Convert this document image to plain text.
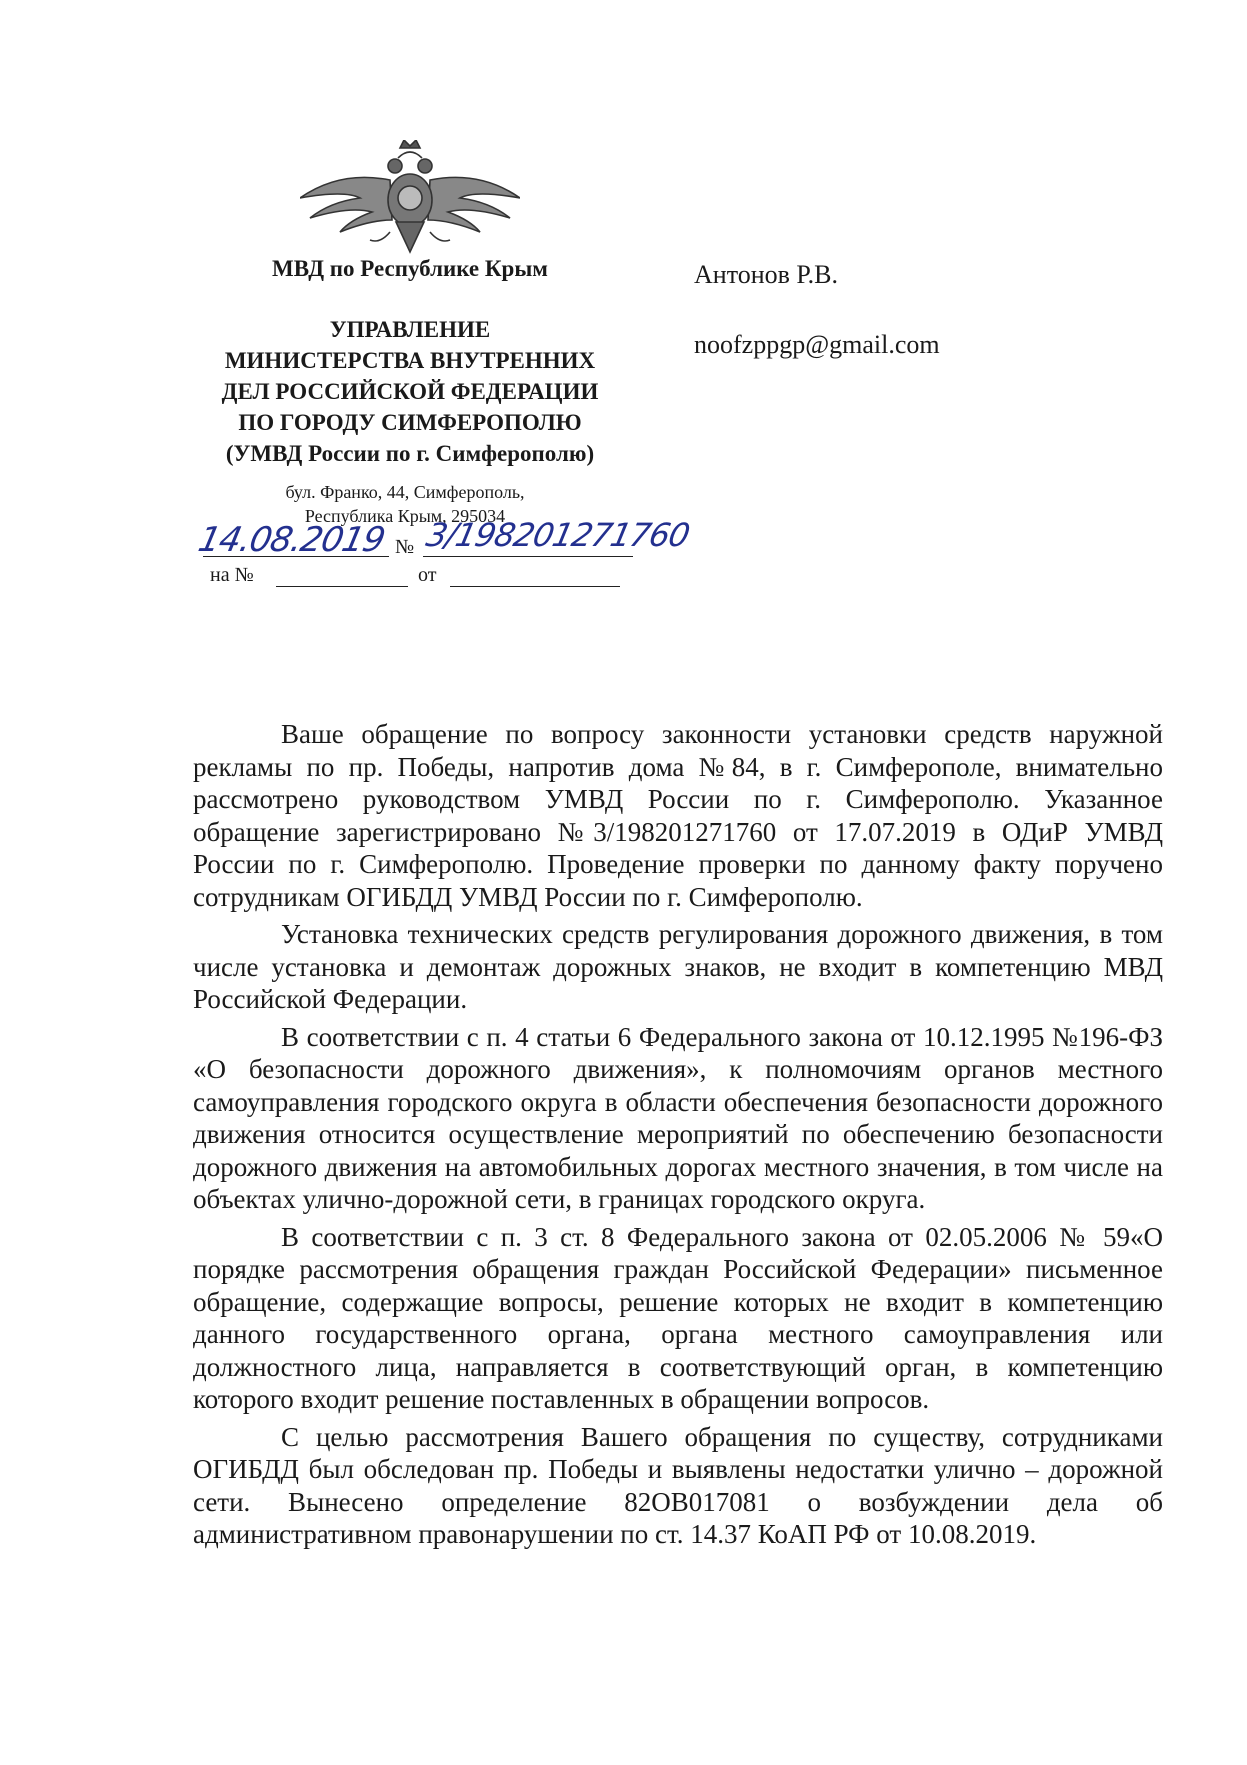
МВД по Республике Крым
УПРАВЛЕНИЕ
МИНИСТЕРСТВА ВНУТРЕННИХ
ДЕЛ РОССИЙСКОЙ ФЕДЕРАЦИИ
ПО ГОРОДУ СИМФЕРОПОЛЮ
(УМВД России по г. Симферополю)
бул. Франко, 44, Симферополь,
Республика Крым, 295034
14.08.2019 № 3/198201271760
на №	от
Антонов Р.В.
noofzppgp@gmail.com

Ваше обращение по вопросу законности установки средств наружной рекламы по пр. Победы, напротив дома №84, в г. Симферополе, внимательно рассмотрено руководством УМВД России по г. Симферополю. Указанное обращение зарегистрировано №3/198201271760 от 17.07.2019 в ОДиР УМВД России по г. Симферополю. Проведение проверки по данному факту поручено сотрудникам ОГИБДД УМВД России по г. Симферополю.

Установка технических средств регулирования дорожного движения, в том числе установка и демонтаж дорожных знаков, не входит в компетенцию МВД Российской Федерации.

В соответствии с п. 4 статьи 6 Федерального закона от 10.12.1995 №196-ФЗ «О безопасности дорожного движения», к полномочиям органов местного самоуправления городского округа в области обеспечения безопасности дорожного движения относится осуществление мероприятий по обеспечению безопасности дорожного движения на автомобильных дорогах местного значения, в том числе на объектах улично-дорожной сети, в границах городского округа.

В соответствии с п. 3 ст. 8 Федерального закона от 02.05.2006 № 59«О порядке рассмотрения обращения граждан Российской Федерации» письменное обращение, содержащие вопросы, решение которых не входит в компетенцию данного государственного органа, органа местного самоуправления или должностного лица, направляется в соответствующий орган, в компетенцию которого входит решение поставленных в обращении вопросов.

С целью рассмотрения Вашего обращения по существу, сотрудниками ОГИБДД был обследован пр. Победы и выявлены недостатки улично – дорожной сети. Вынесено определение 82OB017081 о возбуждении дела об административном правонарушении по ст. 14.37 КоАП РФ от 10.08.2019.
